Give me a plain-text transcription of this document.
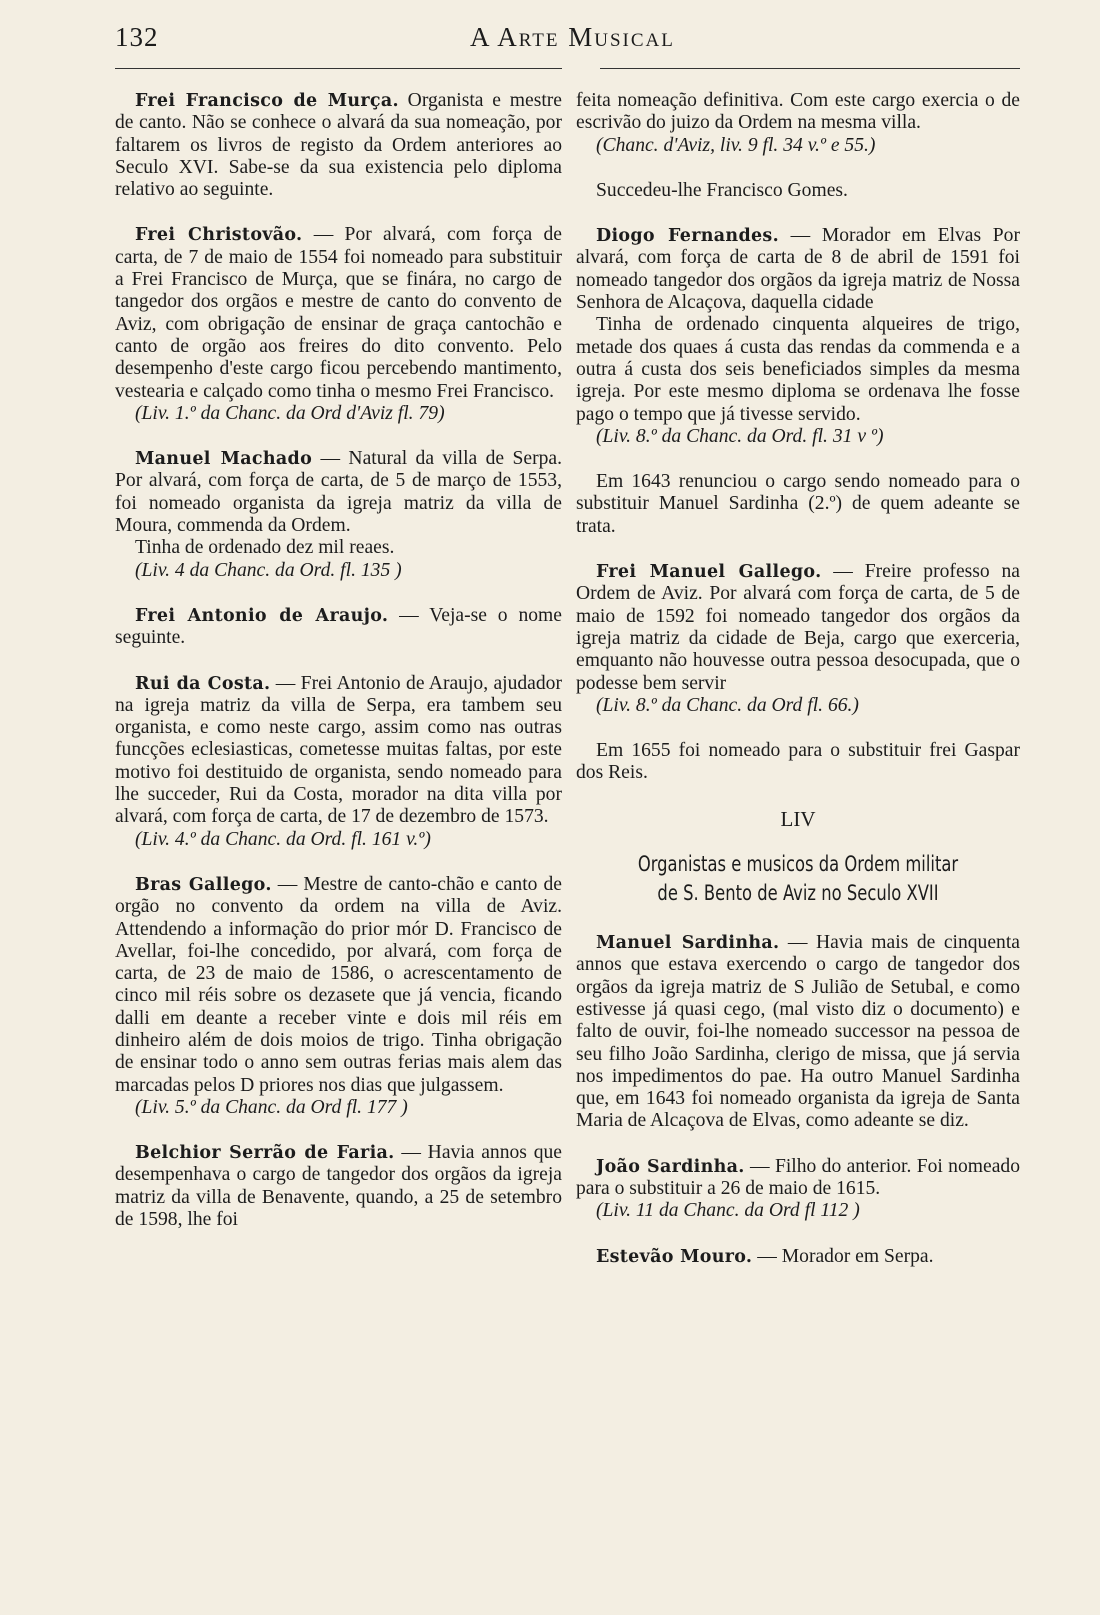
132	A Arte Musical

Frei Francisco de Murça. Organista e mestre de canto. Não se conhece o alvará da sua nomeação, por faltarem os livros de registo da Ordem anteriores ao Seculo XVI. Sabe-se da sua existencia pelo diploma relativo ao seguinte.

Frei Christovão. — Por alvará, com força de carta, de 7 de maio de 1554 foi nomeado para substituir a Frei Francisco de Murça, que se finára, no cargo de tangedor dos orgãos e mestre de canto do convento de Aviz, com obrigação de ensinar de graça cantochão e canto de orgão aos freires do dito convento. Pelo desempenho d'este cargo ficou percebendo mantimento, vestearia e calçado como tinha o mesmo Frei Francisco.

(Liv. 1.º da Chanc. da Ord d'Aviz fl. 79)

Manuel Machado — Natural da villa de Serpa. Por alvará, com força de carta, de 5 de março de 1553, foi nomeado organista da igreja matriz da villa de Moura, commenda da Ordem.

Tinha de ordenado dez mil reaes.

(Liv. 4 da Chanc. da Ord. fl. 135 )

Frei Antonio de Araujo. — Veja-se o nome seguinte.

Rui da Costa. — Frei Antonio de Araujo, ajudador na igreja matriz da villa de Serpa, era tambem seu organista, e como neste cargo, assim como nas outras funcções eclesiasticas, cometesse muitas faltas, por este motivo foi destituido de organista, sendo nomeado para lhe succeder, Rui da Costa, morador na dita villa por alvará, com força de carta, de 17 de dezembro de 1573.

(Liv. 4.º da Chanc. da Ord. fl. 161 v.º)

Bras Gallego. — Mestre de canto-chão e canto de orgão no convento da ordem na villa de Aviz. Attendendo a informação do prior mór D. Francisco de Avellar, foi-lhe concedido, por alvará, com força de carta, de 23 de maio de 1586, o acrescentamento de cinco mil réis sobre os dezasete que já vencia, ficando dalli em deante a receber vinte e dois mil réis em dinheiro além de dois moios de trigo. Tinha obrigação de ensinar todo o anno sem outras ferias mais alem das marcadas pelos D priores nos dias que julgassem.

(Liv. 5.º da Chanc. da Ord fl. 177 )

Belchior Serrão de Faria. — Havia annos que desempenhava o cargo de tangedor dos orgãos da igreja matriz da villa de Benavente, quando, a 25 de setembro de 1598, lhe foi

feita nomeação definitiva. Com este cargo exercia o de escrivão do juizo da Ordem na mesma villa.

(Chanc. d'Aviz, liv. 9 fl. 34 v.º e 55.)

Succedeu-lhe Francisco Gomes.

Diogo Fernandes. — Morador em Elvas Por alvará, com força de carta de 8 de abril de 1591 foi nomeado tangedor dos orgãos da igreja matriz de Nossa Senhora de Alcaçova, daquella cidade

Tinha de ordenado cinquenta alqueires de trigo, metade dos quaes á custa das rendas da commenda e a outra á custa dos seis beneficiados simples da mesma igreja. Por este mesmo diploma se ordenava lhe fosse pago o tempo que já tivesse servido.

(Liv. 8.º da Chanc. da Ord. fl. 31 v º)

Em 1643 renunciou o cargo sendo nomeado para o substituir Manuel Sardinha (2.º) de quem adeante se trata.

Frei Manuel Gallego. — Freire professo na Ordem de Aviz. Por alvará com força de carta, de 5 de maio de 1592 foi nomeado tangedor dos orgãos da igreja matriz da cidade de Beja, cargo que exerceria, emquanto não houvesse outra pessoa desocupada, que o podesse bem servir

(Liv. 8.º da Chanc. da Ord fl. 66.)

Em 1655 foi nomeado para o substituir frei Gaspar dos Reis.

LIV
Organistas e musicos da Ordem militar
de S. Bento de Aviz no Seculo XVII

Manuel Sardinha. — Havia mais de cinquenta annos que estava exercendo o cargo de tangedor dos orgãos da igreja matriz de S Julião de Setubal, e como estivesse já quasi cego, (mal visto diz o documento) e falto de ouvir, foi-lhe nomeado successor na pessoa de seu filho João Sardinha, clerigo de missa, que já servia nos impedimentos do pae. Ha outro Manuel Sardinha que, em 1643 foi nomeado organista da igreja de Santa Maria de Alcaçova de Elvas, como adeante se diz.

João Sardinha. — Filho do anterior. Foi nomeado para o substituir a 26 de maio de 1615.

(Liv. 11 da Chanc. da Ord fl 112 )

Estevão Mouro. — Morador em Serpa.
